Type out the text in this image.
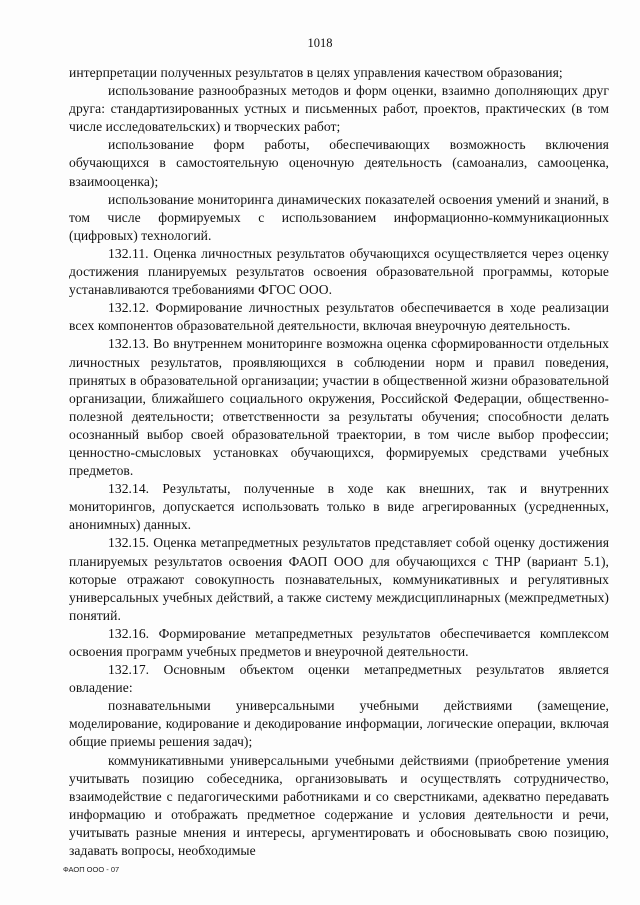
1018

интерпретации полученных результатов в целях управления качеством образования;

использование разнообразных методов и форм оценки, взаимно дополняющих друг друга: стандартизированных устных и письменных работ, проектов, практических (в том числе исследовательских) и творческих работ;

использование форм работы, обеспечивающих возможность включения обучающихся в самостоятельную оценочную деятельность (самоанализ, самооценка, взаимооценка);

использование мониторинга динамических показателей освоения умений и знаний, в том числе формируемых с использованием информационно-коммуникационных (цифровых) технологий.

132.11. Оценка личностных результатов обучающихся осуществляется через оценку достижения планируемых результатов освоения образовательной программы, которые устанавливаются требованиями ФГОС ООО.

132.12. Формирование личностных результатов обеспечивается в ходе реализации всех компонентов образовательной деятельности, включая внеурочную деятельность.

132.13. Во внутреннем мониторинге возможна оценка сформированности отдельных личностных результатов, проявляющихся в соблюдении норм и правил поведения, принятых в образовательной организации; участии в общественной жизни образовательной организации, ближайшего социального окружения, Российской Федерации, общественно-полезной деятельности; ответственности за результаты обучения; способности делать осознанный выбор своей образовательной траектории, в том числе выбор профессии; ценностно-смысловых установках обучающихся, формируемых средствами учебных предметов.

132.14. Результаты, полученные в ходе как внешних, так и внутренних мониторингов, допускается использовать только в виде агрегированных (усредненных, анонимных) данных.

132.15. Оценка метапредметных результатов представляет собой оценку достижения планируемых результатов освоения ФАОП ООО для обучающихся с ТНР (вариант 5.1), которые отражают совокупность познавательных, коммуникативных и регулятивных универсальных учебных действий, а также систему междисциплинарных (межпредметных) понятий.

132.16. Формирование метапредметных результатов обеспечивается комплексом освоения программ учебных предметов и внеурочной деятельности.

132.17. Основным объектом оценки метапредметных результатов является овладение:

познавательными универсальными учебными действиями (замещение, моделирование, кодирование и декодирование информации, логические операции, включая общие приемы решения задач);

коммуникативными универсальными учебными действиями (приобретение умения учитывать позицию собеседника, организовывать и осуществлять сотрудничество, взаимодействие с педагогическими работниками и со сверстниками, адекватно передавать информацию и отображать предметное содержание и условия деятельности и речи, учитывать разные мнения и интересы, аргументировать и обосновывать свою позицию, задавать вопросы, необходимые

ФАОП ООО - 07
